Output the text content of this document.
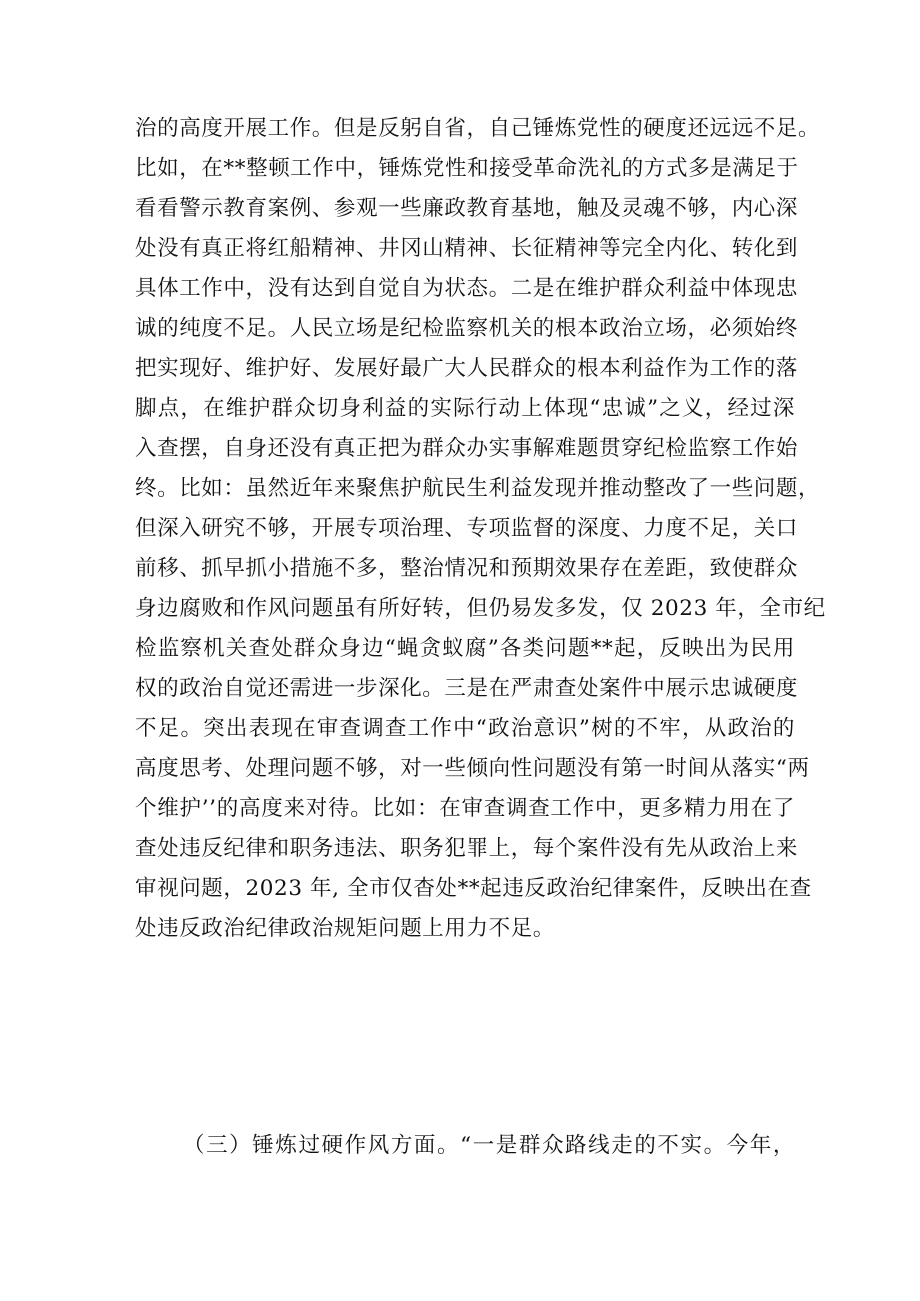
治的高度开展工作。但是反躬自省，自己锤炼党性的硬度还远远不足。
比如，在**整顿工作中，锤炼党性和接受革命洗礼的方式多是满足于
看看警示教育案例、参观一些廉政教育基地，触及灵魂不够，内心深
处没有真正将红船精神、井冈山精神、长征精神等完全内化、转化到
具体工作中，没有达到自觉自为状态。二是在维护群众利益中体现忠
诚的纯度不足。人民立场是纪检监察机关的根本政治立场，必须始终
把实现好、维护好、发展好最广大人民群众的根本利益作为工作的落
脚点，在维护群众切身利益的实际行动上体现“忠诚”之义，经过深
入查摆，自身还没有真正把为群众办实事解难题贯穿纪检监察工作始
终。比如：虽然近年来聚焦护航民生利益发现并推动整改了一些问题，
但深入研究不够，开展专项治理、专项监督的深度、力度不足，关口
前移、抓早抓小措施不多，整治情况和预期效果存在差距，致使群众
身边腐败和作风问题虽有所好转，但仍易发多发，仅 2023 年，全市纪
检监察机关查处群众身边“蝇贪蚁腐”各类问题**起，反映出为民用
权的政治自觉还需进一步深化。三是在严肃查处案件中展示忠诚硬度
不足。突出表现在审查调查工作中“政治意识”树的不牢，从政治的
高度思考、处理问题不够，对一些倾向性问题没有第一时间从落实“两
个维护’’的高度来对待。比如：在审查调查工作中，更多精力用在了
查处违反纪律和职务违法、职务犯罪上，每个案件没有先从政治上来
审视问题，2023 年, 全市仅杳处**起违反政治纪律案件，反映出在查
处违反政治纪律政治规矩问题上用力不足。
（三）锤炼过硬作风方面。“一是群众路线走的不实。今年，
